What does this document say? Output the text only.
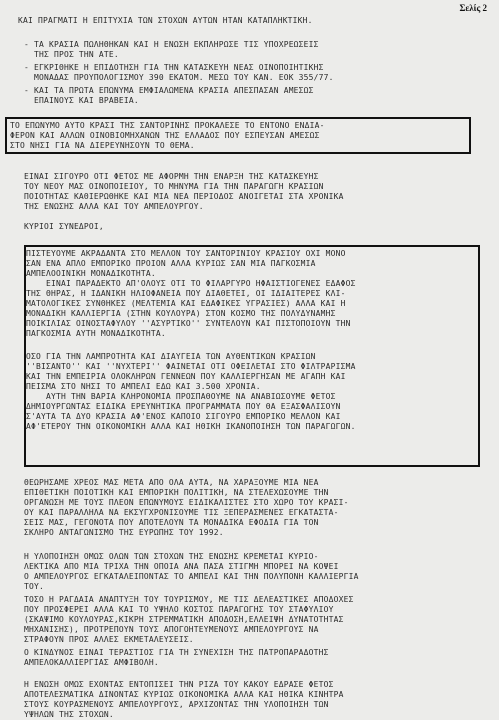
Σελίς 2
ΚΑΙ ΠΡΑΓΜΑΤΙ Η ΕΠΙΤΥΧΙΑ ΤΩΝ ΣΤΟΧΩΝ ΑΥΤΩΝ ΗΤΑΝ ΚΑΤΑΠΛΗΚΤΙΚΗ.
- ΤΑ ΚΡΑΣΙΑ ΠΩΛΗΘΗΚΑΝ ΚΑΙ Η ΕΝΩΣΗ ΕΚΠΛΗΡΩΣΕ ΤΙΣ ΥΠΟΧΡΕΩΣΕΙΣ
ΤΗΣ ΠΡΟΣ ΤΗΝ ΑΤΕ.
- ΕΓΚΡΙΘΗΚΕ Η ΕΠΙΔΟΤΗΣΗ ΓΙΑ ΤΗΝ ΚΑΤΑΣΚΕΥΗ ΝΕΑΣ ΟΙΝΟΠΟΙΗΤΙΚΗΣ
ΜΟΝΑΔΑΣ ΠΡΟΥΠΟΛΟΓΙΣΜΟΥ 390 ΕΚΑΤΟΜ. ΜΕΣΩ ΤΟΥ ΚΑΝ. ΕΟΚ 355/77.
- ΚΑΙ ΤΑ ΠΡΩΤΑ ΕΠΩΝΥΜΑ ΕΜΦΙΑΛΩΜΕΝΑ ΚΡΑΣΙΑ ΑΠΕΣΠΑΣΑΝ ΑΜΕΣΩΣ
ΕΠΑΙΝΟΥΣ ΚΑΙ ΒΡΑΒΕΙΑ.
ΤΟ ΕΠΩΝΥΜΟ ΑΥΤΟ ΚΡΑΣΙ ΤΗΣ ΣΑΝΤΟΡΙΝΗΣ ΠΡΟΚΑΛΕΣΕ ΤΟ ΕΝΤΟΝΟ ΕΝΔΙΑ-
ΦΕΡΟΝ ΚΑΙ ΑΛΛΩΝ ΟΙΝΟΒΙΟΜΗΧΑΝΩΝ ΤΗΣ ΕΛΛΑΔΟΣ ΠΟΥ ΕΣΠΕΥΣΑΝ ΑΜΕΣΩΣ
ΣΤΟ ΝΗΣΙ ΓΙΑ ΝΑ ΔΙΕΡΕΥΝΗΣΟΥΝ ΤΟ ΘΕΜΑ.
ΕΙΝΑΙ ΣΙΓΟΥΡΟ ΟΤΙ ΦΕΤΟΣ ΜΕ ΑΦΟΡΜΗ ΤΗΝ ΕΝΑΡΞΗ ΤΗΣ ΚΑΤΑΣΚΕΥΗΣ
ΤΟΥ ΝΕΟΥ ΜΑΣ ΟΙΝΟΠΟΙΕΙΟΥ, ΤΟ ΜΗΝΥΜΑ ΓΙΑ ΤΗΝ ΠΑΡΑΓΩΓΗ ΚΡΑΣΙΩΝ
ΠΟΙΟΤΗΤΑΣ ΚΑΘΙΕΡΩΘΗΚΕ ΚΑΙ ΜΙΑ ΝΕΑ ΠΕΡΙΟΔΟΣ ΑΝΟΙΓΕΤΑΙ ΣΤΑ ΧΡΟΝΙΚΑ
ΤΗΣ ΕΝΩΣΗΣ ΑΛΛΑ ΚΑΙ ΤΟΥ ΑΜΠΕΛΟΥΡΓΟΥ.
ΚΥΡΙΟΙ ΣΥΝΕΔΡΟΙ,
ΠΙΣΤΕΥΟΥΜΕ ΑΚΡΑΔΑΝΤΑ ΣΤΟ ΜΕΛΛΟΝ ΤΟΥ ΣΑΝΤΟΡΙΝΙΟΥ ΚΡΑΣΙΟΥ ΟΧΙ ΜΟΝΟ
ΣΑΝ ΕΝΑ ΑΠΛΟ ΕΜΠΟΡΙΚΟ ΠΡΟΙΟΝ ΑΛΛΑ ΚΥΡΙΩΣ ΣΑΝ ΜΙΑ ΠΑΓΚΟΣΜΙΑ
ΑΜΠΕΛΟΟΙΝΙΚΗ ΜΟΝΑΔΙΚΟΤΗΤΑ.
ΕΙΝΑΙ ΠΑΡΑΔΕΚΤΟ ΑΠ'ΟΛΟΥΣ ΟΤΙ ΤΟ ΦΙΛΑΡΓΥΡΟ ΗΦΑΙΣΤΙΟΓΕΝΕΣ ΕΔΑΦΟΣ
ΤΗΣ ΘΗΡΑΣ, Η ΙΔΑΝΙΚΗ ΗΛΙΟΦΑΝΕΙΑ ΠΟΥ ΔΙΑΘΕΤΕΙ, ΟΙ ΙΔΙΑΙΤΕΡΕΣ ΚΛΙ-
ΜΑΤΟΛΟΓΙΚΕΣ ΣΥΝΘΗΚΕΣ (ΜΕΛΤΕΜΙΑ ΚΑΙ ΕΔΑΦΙΚΕΣ ΥΓΡΑΣΙΕΣ) ΑΛΛΑ ΚΑΙ Η
ΜΟΝΑΔΙΚΗ ΚΑΛΛΙΕΡΓΙΑ (ΣΤΗΝ ΚΟΥΛΟΥΡΑ) ΣΤΟΝ ΚΟΣΜΟ ΤΗΣ ΠΟΛΥΔΥΝΑΜΗΣ
ΠΟΙΚΙΛΙΑΣ ΟΙΝΟΣΤΑΦΥΛΟΥ ''ΑΣΥΡΤΙΚΟ'' ΣΥΝΤΕΛΟΥΝ ΚΑΙ ΠΙΣΤΟΠΟΙΟΥΝ ΤΗΝ
ΠΑΓΚΟΣΜΙΑ ΑΥΤΗ ΜΟΝΑΔΙΚΟΤΗΤΑ.
ΟΣΟ ΓΙΑ ΤΗΝ ΛΑΜΠΡΟΤΗΤΑ ΚΑΙ ΔΙΑΥΓΕΙΑ ΤΩΝ ΑΥΘΕΝΤΙΚΩΝ ΚΡΑΣΙΩΝ
''ΒΙΣΑΝΤΟ'' ΚΑΙ ''ΝΥΧΤΕΡΙ'' ΦΑΙΝΕΤΑΙ ΟΤΙ ΟΦΕΙΛΕΤΑΙ ΣΤΟ ΦΙΛΤΡΑΡΙΣΜΑ
ΚΑΙ ΤΗΝ ΕΜΠΕΙΡΙΑ ΟΛΟΚΛΗΡΩΝ ΓΕΝΝΕΩΝ ΠΟΥ ΚΑΛΛΙΕΡΓΗΣΑΝ ΜΕ ΑΓΑΠΗ ΚΑΙ
ΠΕΙΣΜΑ ΣΤΟ ΝΗΣΙ ΤΟ ΑΜΠΕΛΙ ΕΔΩ ΚΑΙ 3.500 ΧΡΟΝΙΑ.
ΑΥΤΗ ΤΗΝ ΒΑΡΙΑ ΚΛΗΡΟΝΟΜΙΑ ΠΡΟΣΠΑΘΟΥΜΕ ΝΑ ΑΝΑΒΙΩΣΟΥΜΕ ΦΕΤΟΣ
ΔΗΜΙΟΥΡΓΩΝΤΑΣ ΕΙΔΙΚΑ ΕΡΕΥΝΗΤΙΚΑ ΠΡΟΓΡΑΜΜΑΤΑ ΠΟΥ ΘΑ ΕΞΑΣΦΑΛΙΣΟΥΝ
Σ'ΑΥΤΑ ΤΑ ΔΥΟ ΚΡΑΣΙΑ ΑΦ'ΕΝΟΣ ΚΑΠΟΙΟ ΣΙΓΟΥΡΟ ΕΜΠΟΡΙΚΟ ΜΕΛΛΟΝ ΚΑΙ
ΑΦ'ΕΤΕΡΟΥ ΤΗΝ ΟΙΚΟΝΟΜΙΚΗ ΑΛΛΑ ΚΑΙ ΗΘΙΚΗ ΙΚΑΝΟΠΟΙΗΣΗ ΤΩΝ ΠΑΡΑΓΩΓΩΝ.
ΘΕΩΡΗΣΑΜΕ ΧΡΕΟΣ ΜΑΣ ΜΕΤΑ ΑΠΟ ΟΛΑ ΑΥΤΑ, ΝΑ ΧΑΡΑΞΟΥΜΕ ΜΙΑ ΝΕΑ
ΕΠΙΘΕΤΙΚΗ ΠΟΙΟΤΙΚΗ ΚΑΙ ΕΜΠΟΡΙΚΗ ΠΟΛΙΤΙΚΗ, ΝΑ ΣΤΕΛΕΧΩΣΟΥΜΕ ΤΗΝ
ΟΡΓΑΝΩΣΗ ΜΕ ΤΟΥΣ ΠΛΕΟΝ ΕΠΩΝΥΜΟΥΣ ΕΙΔΙΚΑΛΙΣΤΕΣ ΣΤΟ ΧΩΡΟ ΤΟΥ ΚΡΑΣΙ-
ΟΥ ΚΑΙ ΠΑΡΑΛΛΗΛΑ ΝΑ ΕΚΣΥΓΧΡΟΝΙΣΟΥΜΕ ΤΙΣ ΞΕΠΕΡΑΣΜΕΝΕΣ ΕΓΚΑΤΑΣΤΑ-
ΣΕΙΣ ΜΑΣ, ΓΕΓΟΝΟΤΑ ΠΟΥ ΑΠΟΤΕΛΟΥΝ ΤΑ ΜΟΝΑΔΙΚΑ ΕΦΟΔΙΑ ΓΙΑ ΤΟΝ
ΣΚΛΗΡΟ ΑΝΤΑΓΩΝΙΣΜΟ ΤΗΣ ΕΥΡΩΠΗΣ ΤΟΥ 1992.
Η ΥΛΟΠΟΙΗΣΗ ΟΜΩΣ ΟΛΩΝ ΤΩΝ ΣΤΟΧΩΝ ΤΗΣ ΕΝΩΣΗΣ ΚΡΕΜΕΤΑΙ ΚΥΡΙΟ-
ΛΕΚΤΙΚΑ ΑΠΟ ΜΙΑ ΤΡΙΧΑ ΤΗΝ ΟΠΟΙΑ ΑΝΑ ΠΑΣΑ ΣΤΙΓΜΗ ΜΠΟΡΕΙ ΝΑ ΚΟΨΕΙ
Ο ΑΜΠΕΛΟΥΡΓΟΣ ΕΓΚΑΤΑΛΕΙΠΟΝΤΑΣ ΤΟ ΑΜΠΕΛΙ ΚΑΙ ΤΗΝ ΠΟΛΥΠΟΝΗ ΚΑΛΛΙΕΡΓΙΑ
ΤΟΥ.
ΤΟΣΟ Η ΡΑΓΔΑΙΑ ΑΝΑΠΤΥΞΗ ΤΟΥ ΤΟΥΡΙΣΜΟΥ, ΜΕ ΤΙΣ ΔΕΛΕΑΣΤΙΚΕΣ ΑΠΟΔΟΧΕΣ
ΠΟΥ ΠΡΟΣΦΕΡΕΙ ΑΛΛΑ ΚΑΙ ΤΟ ΥΨΗΛΟ ΚΟΣΤΟΣ ΠΑΡΑΓΩΓΗΣ ΤΟΥ ΣΤΑΦΥΛΙΟΥ
(ΣΚΑΨΙΜΟ ΚΟΥΛΟΥΡΑΣ,ΚΙΚΡΗ ΣΤΡΕΜΜΑΤΙΚΗ ΑΠΟΔΟΣΗ,ΕΛΛΕΙΨΗ ΔΥΝΑΤΟΤΗΤΑΣ
ΜΗΧΑΝΙΣΗΣ), ΠΡΟΤΡΕΠΟΥΝ ΤΟΥΣ ΑΠΟΓΟΗΤΕΥΜΕΝΟΥΣ ΑΜΠΕΛΟΥΡΓΟΥΣ ΝΑ
ΣΤΡΑΦΟΥΝ ΠΡΟΣ ΑΛΛΕΣ ΕΚΜΕΤΑΛΕΥΣΕΙΣ.
Ο ΚΙΝΔΥΝΟΣ ΕΙΝΑΙ ΤΕΡΑΣΤΙΟΣ ΓΙΑ ΤΗ ΣΥΝΕΧΙΣΗ ΤΗΣ ΠΑΤΡΟΠΑΡΑΔΟΤΗΣ
ΑΜΠΕΛΟΚΑΛΛΙΕΡΓΙΑΣ ΑΜΦΙΒΟΛΗ.
Η ΕΝΩΣΗ ΟΜΩΣ ΕΧΟΝΤΑΣ ΕΝΤΟΠΙΣΕΙ ΤΗΝ ΡΙΖΑ ΤΟΥ ΚΑΚΟΥ ΕΔΡΑΣΕ ΦΕΤΟΣ
ΑΠΟΤΕΛΕΣΜΑΤΙΚΑ ΔΙΝΟΝΤΑΣ ΚΥΡΙΩΣ ΟΙΚΟΝΟΜΙΚΑ ΑΛΛΑ ΚΑΙ ΗΘΙΚΑ ΚΙΝΗΤΡΑ
ΣΤΟΥΣ ΚΟΥΡΑΣΜΕΝΟΥΣ ΑΜΠΕΛΟΥΡΓΟΥΣ, ΑΡΧΙΖΟΝΤΑΣ ΤΗΝ ΥΛΟΠΟΙΗΣΗ ΤΩΝ
ΥΨΗΛΩΝ ΤΗΣ ΣΤΟΧΩΝ.
